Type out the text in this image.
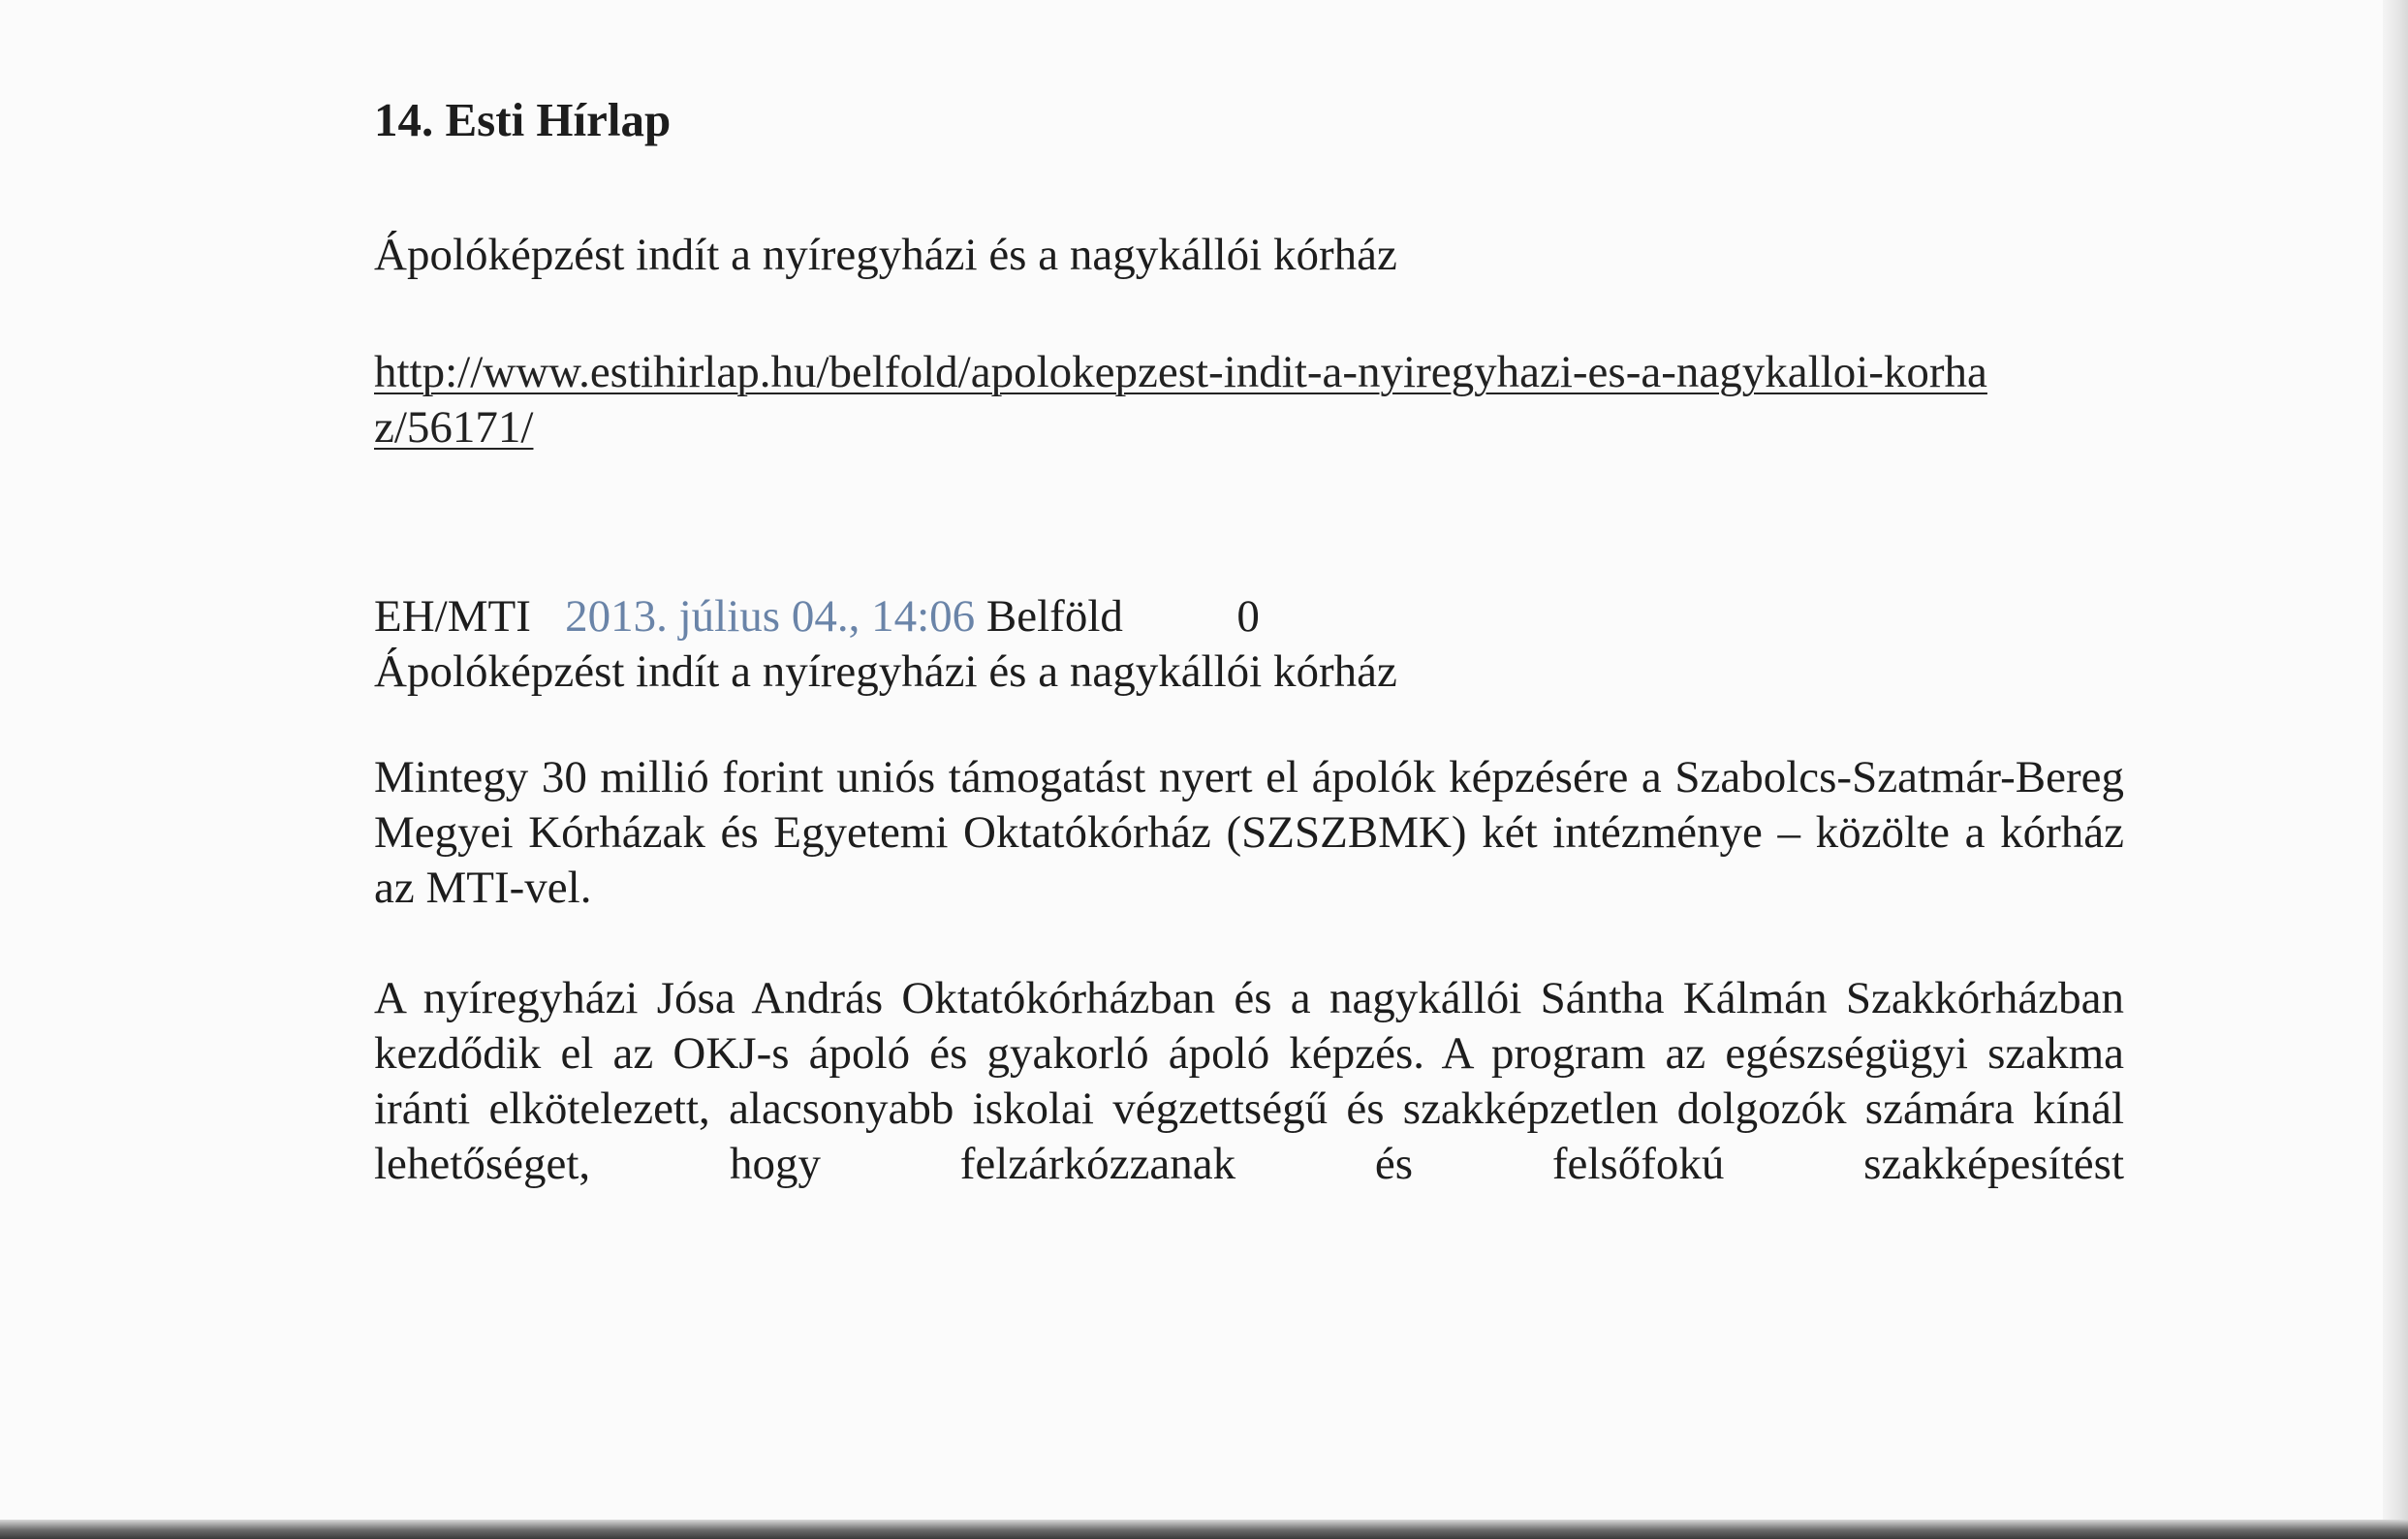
14. Esti Hírlap
Ápolóképzést indít a nyíregyházi és a nagykállói kórház
http://www.estihirlap.hu/belfold/apolokepzest-indit-a-nyiregyhazi-es-a-nagykalloi-korhaz/56171/
EH/MTI 2013. július 04., 14:06 Belföld	0
Ápolóképzést indít a nyíregyházi és a nagykállói kórház

Mintegy 30 millió forint uniós támogatást nyert el ápolók képzésére a Szabolcs-Szatmár-Bereg Megyei Kórházak és Egyetemi Oktatókórház (SZSZBMK) két intézménye – közölte a kórház az MTI-vel.

A nyíregyházi Jósa András Oktatókórházban és a nagykállói Sántha Kálmán Szakkórházban kezdődik el az OKJ-s ápoló és gyakorló ápoló képzés. A program az egészségügyi szakma iránti elkötelezett, alacsonyabb iskolai végzettségű és szakképzetlen dolgozók számára kínál lehetőséget, hogy felzárkózzanak és felsőfokú szakképesítést
